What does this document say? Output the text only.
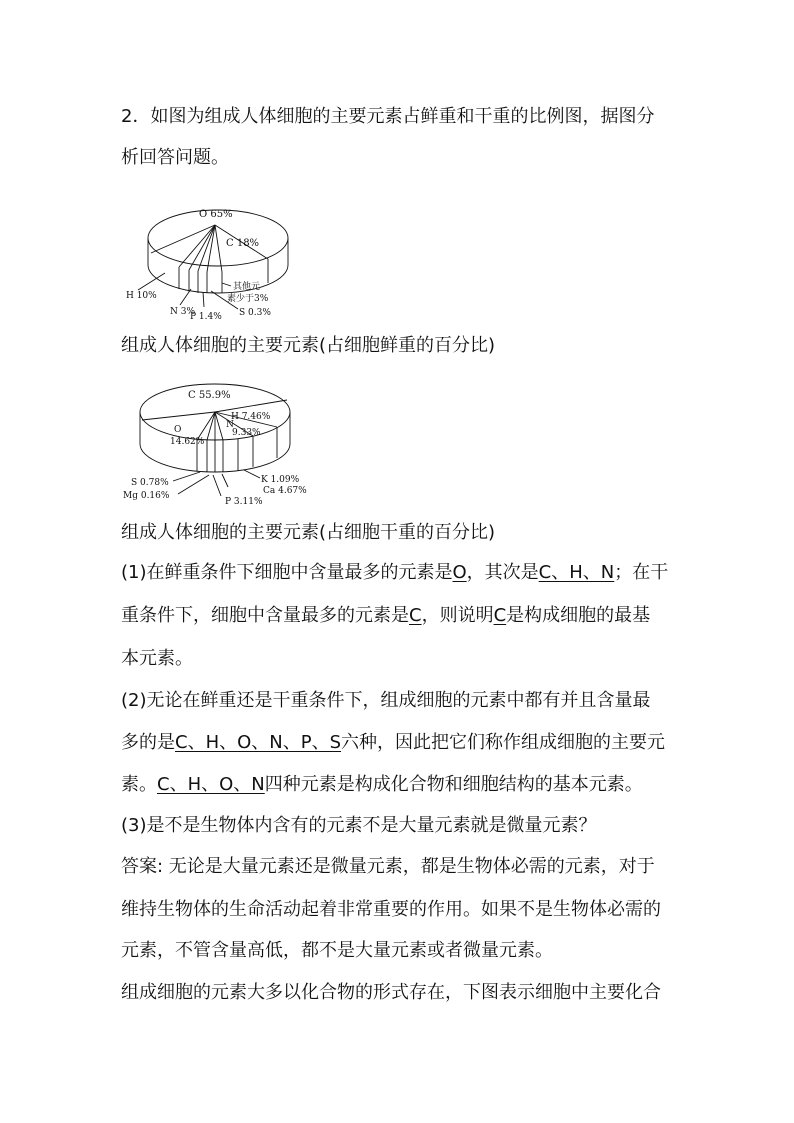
2．如图为组成人体细胞的主要元素占鲜重和干重的比例图，据图分
析回答问题。
O 65%
C 18%
H 10%
N 3%
P 1.4% S 0.3%
其他元
素少于3%
组成人体细胞的主要元素(占细胞鲜重的百分比)
C 55.9%
O
14.62%
H 7.46%
N
9.33%
K 1.09%
Ca 4.67%
P 3.11%
S 0.78%
Mg 0.16%
组成人体细胞的主要元素(占细胞干重的百分比)
(1)在鲜重条件下细胞中含量最多的元素是O，其次是C、H、N；在干
重条件下，细胞中含量最多的元素是C，则说明C是构成细胞的最基
本元素。
(2)无论在鲜重还是干重条件下，组成细胞的元素中都有并且含量最
多的是C、H、O、N、P、S六种，因此把它们称作组成细胞的主要元
素。C、H、O、N四种元素是构成化合物和细胞结构的基本元素。
(3)是不是生物体内含有的元素不是大量元素就是微量元素？
答案: 无论是大量元素还是微量元素，都是生物体必需的元素，对于
维持生物体的生命活动起着非常重要的作用。如果不是生物体必需的
元素，不管含量高低，都不是大量元素或者微量元素。
组成细胞的元素大多以化合物的形式存在，下图表示细胞中主要化合
